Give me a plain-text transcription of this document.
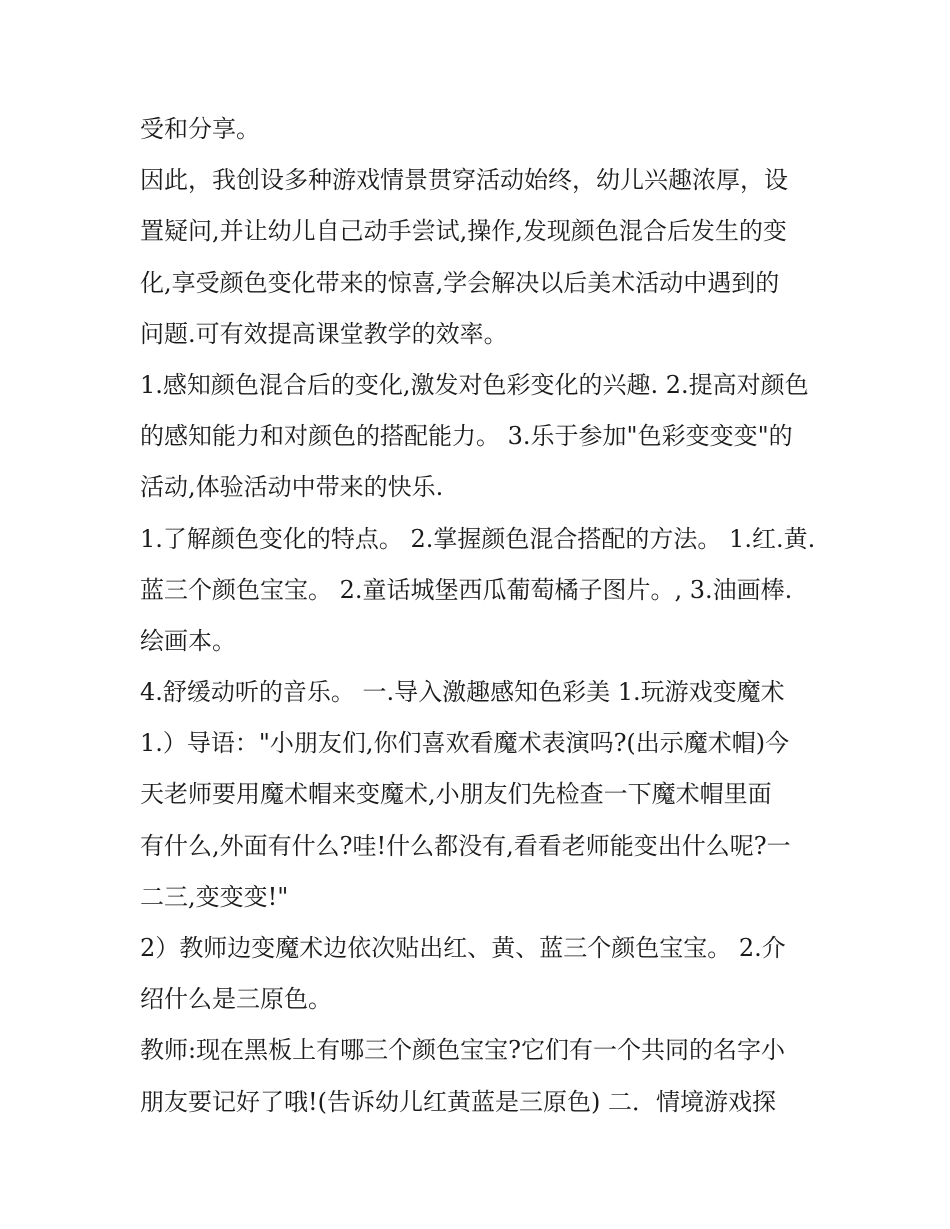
受和分享。
因此，我创设多种游戏情景贯穿活动始终，幼儿兴趣浓厚，设
置疑问,并让幼儿自己动手尝试,操作,发现颜色混合后发生的变
化,享受颜色变化带来的惊喜,学会解决以后美术活动中遇到的
问题.可有效提高课堂教学的效率。
1.感知颜色混合后的变化,激发对色彩变化的兴趣. 2.提高对颜色
的感知能力和对颜色的搭配能力。 3.乐于参加"色彩变变变"的
活动,体验活动中带来的快乐.
1.了解颜色变化的特点。 2.掌握颜色混合搭配的方法。 1.红.黄.
蓝三个颜色宝宝。 2.童话城堡西瓜葡萄橘子图片。, 3.油画棒.
绘画本。
4.舒缓动听的音乐。 一.导入激趣感知色彩美 1.玩游戏变魔术
1.）导语："小朋友们,你们喜欢看魔术表演吗?(出示魔术帽)今
天老师要用魔术帽来变魔术,小朋友们先检查一下魔术帽里面
有什么,外面有什么?哇!什么都没有,看看老师能变出什么呢?一
二三,变变变!"
2）教师边变魔术边依次贴出红、黄、蓝三个颜色宝宝。 2.介
绍什么是三原色。
教师:现在黑板上有哪三个颜色宝宝?它们有一个共同的名字小
朋友要记好了哦!(告诉幼儿红黄蓝是三原色) 二．情境游戏探
